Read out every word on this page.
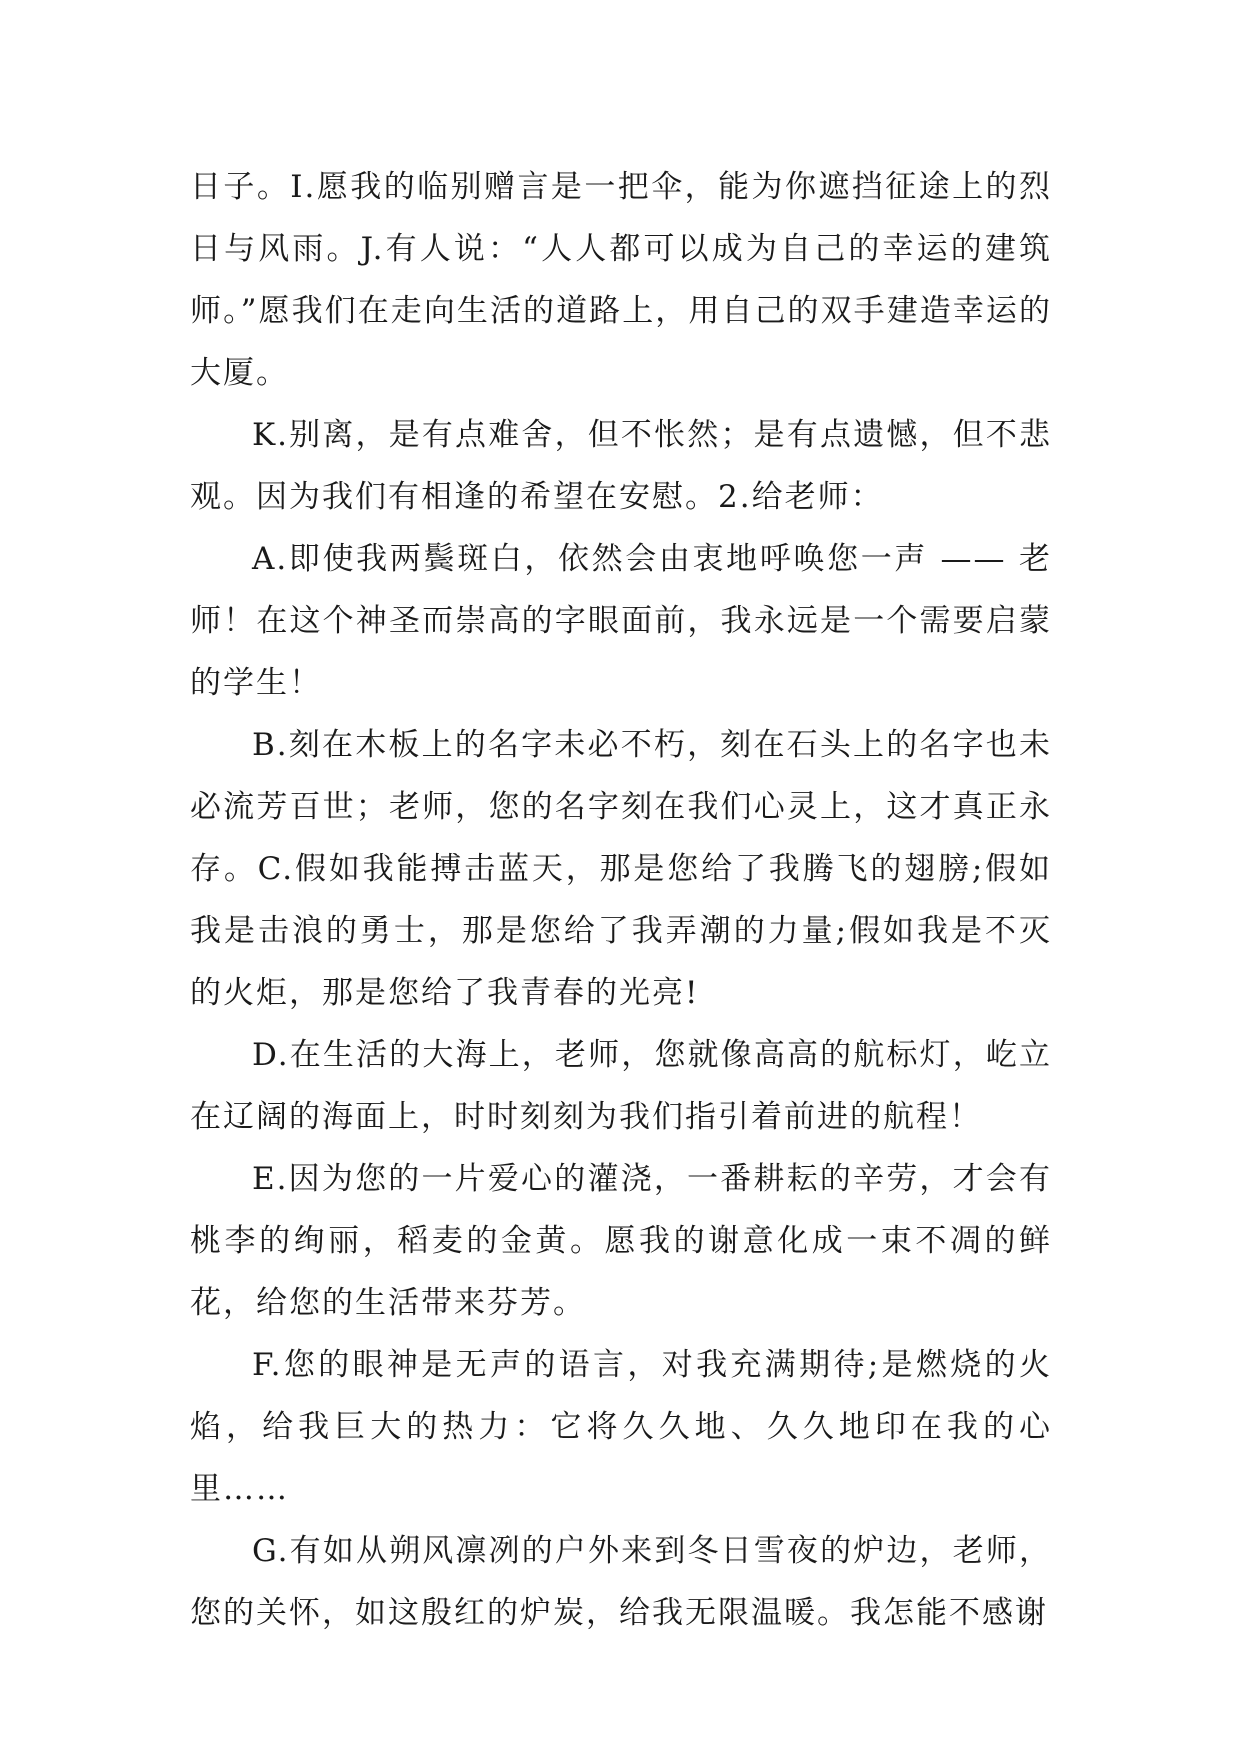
日子。I.愿我的临别赠言是一把伞，能为你遮挡征途上的烈日与风雨。J.有人说：“人人都可以成为自己的幸运的建筑师。”愿我们在走向生活的道路上，用自己的双手建造幸运的大厦。

K.别离，是有点难舍，但不怅然；是有点遗憾，但不悲观。因为我们有相逢的希望在安慰。2.给老师：

A.即使我两鬓斑白，依然会由衷地呼唤您一声 —— 老师！在这个神圣而崇高的字眼面前，我永远是一个需要启蒙的学生！

B.刻在木板上的名字未必不朽，刻在石头上的名字也未必流芳百世；老师，您的名字刻在我们心灵上，这才真正永存。C.假如我能搏击蓝天，那是您给了我腾飞的翅膀;假如我是击浪的勇士，那是您给了我弄潮的力量;假如我是不灭的火炬，那是您给了我青春的光亮!

D.在生活的大海上，老师，您就像高高的航标灯，屹立在辽阔的海面上，时时刻刻为我们指引着前进的航程！

E.因为您的一片爱心的灌浇，一番耕耘的辛劳，才会有桃李的绚丽，稻麦的金黄。愿我的谢意化成一束不凋的鲜花，给您的生活带来芬芳。

F.您的眼神是无声的语言，对我充满期待;是燃烧的火焰，给我巨大的热力：它将久久地、久久地印在我的心里……

G.有如从朔风凛冽的户外来到冬日雪夜的炉边，老师，您的关怀，如这殷红的炉炭，给我无限温暖。我怎能不感谢
